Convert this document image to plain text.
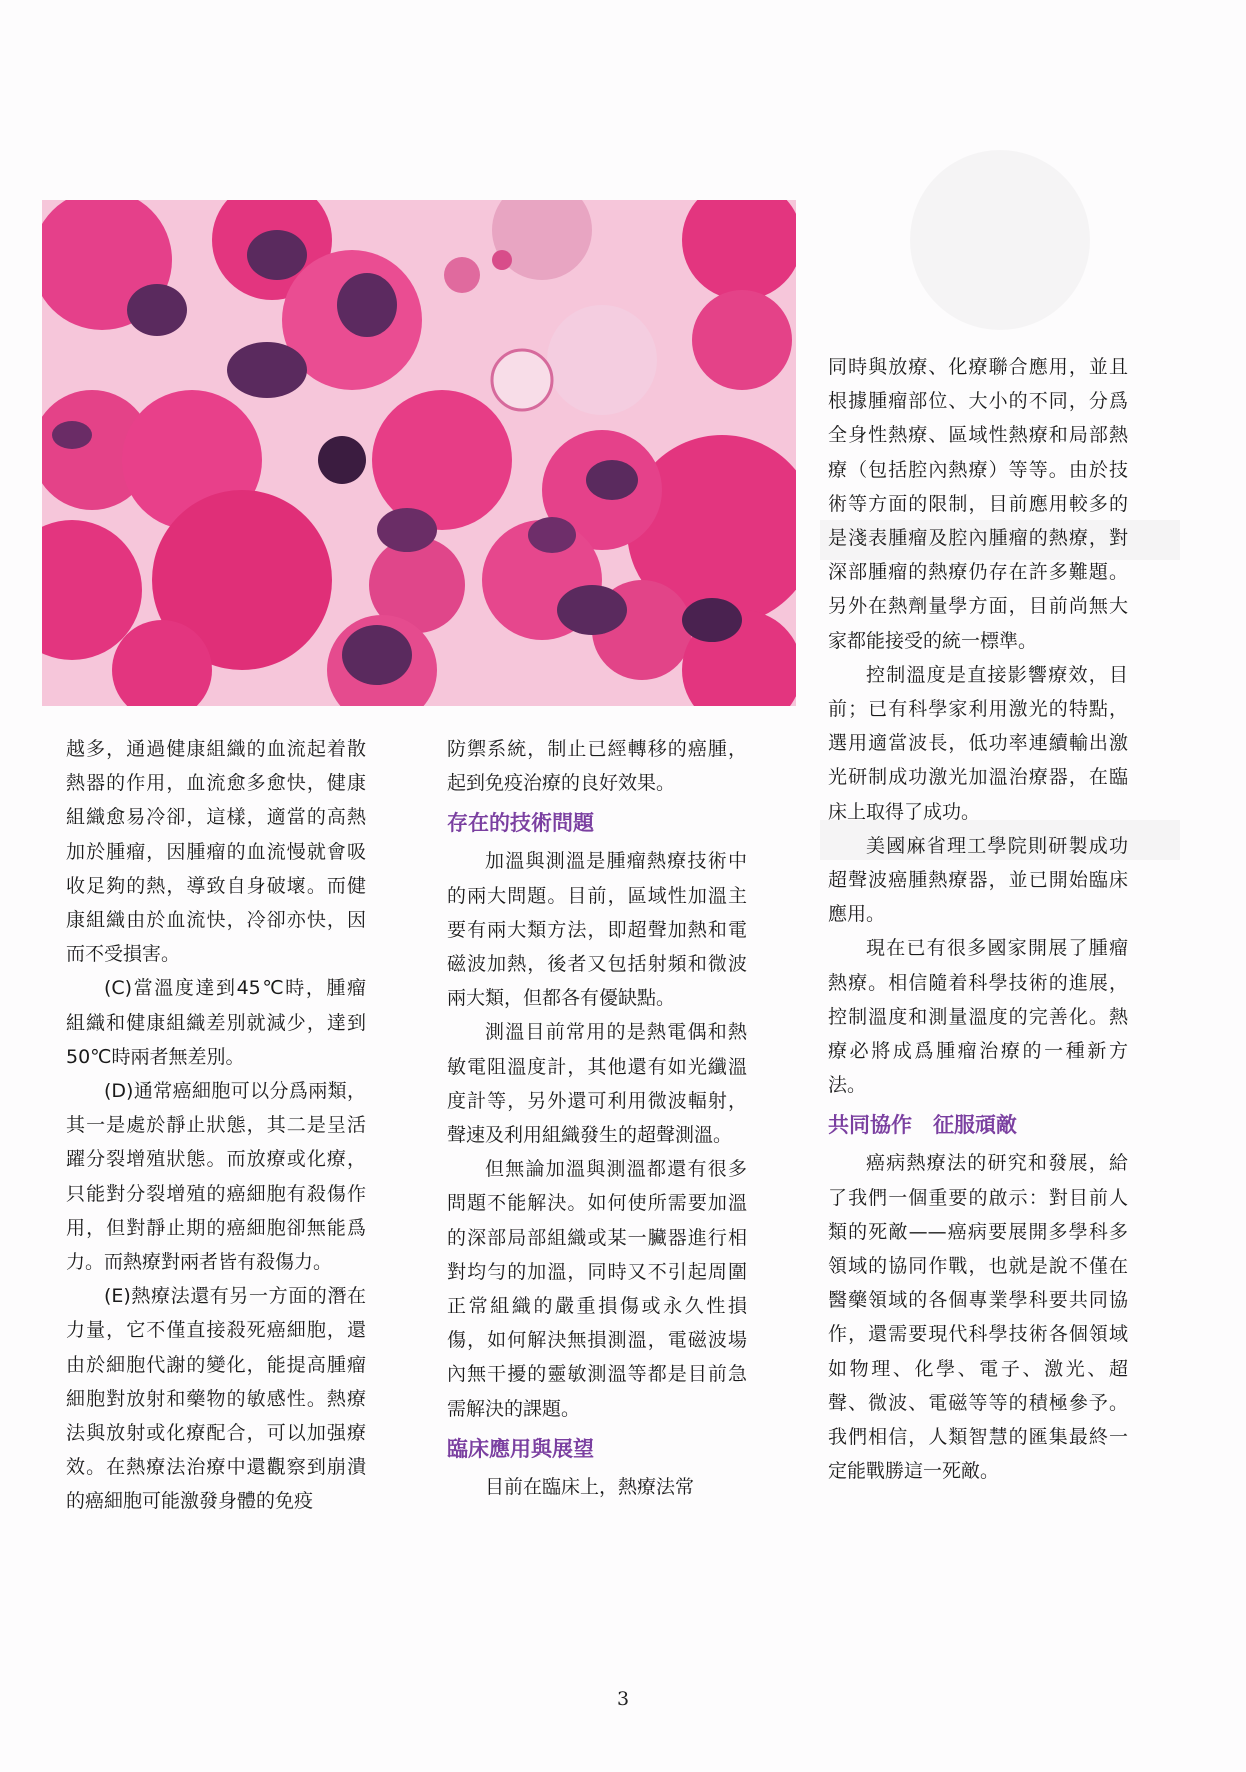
越多，通過健康組織的血流起着散熱器的作用，血流愈多愈快，健康組織愈易冷卻，這樣，適當的高熱加於腫瘤，因腫瘤的血流慢就會吸收足夠的熱，導致自身破壞。而健康組織由於血流快，冷卻亦快，因而不受損害。

(C)當溫度達到45℃時，腫瘤組織和健康組織差別就減少，達到50℃時兩者無差別。

(D)通常癌細胞可以分爲兩類，其一是處於靜止狀態，其二是呈活躍分裂增殖狀態。而放療或化療，只能對分裂增殖的癌細胞有殺傷作用，但對靜止期的癌細胞卻無能爲力。而熱療對兩者皆有殺傷力。

(E)熱療法還有另一方面的潛在力量，它不僅直接殺死癌細胞，還由於細胞代謝的變化，能提高腫瘤細胞對放射和藥物的敏感性。熱療法與放射或化療配合，可以加强療效。在熱療法治療中還觀察到崩潰的癌細胞可能激發身體的免疫

防禦系統，制止已經轉移的癌腫，起到免疫治療的良好效果。

存在的技術問題

加溫與測溫是腫瘤熱療技術中的兩大問題。目前，區域性加溫主要有兩大類方法，即超聲加熱和電磁波加熱，後者又包括射頻和微波兩大類，但都各有優缺點。

測溫目前常用的是熱電偶和熱敏電阻溫度計，其他還有如光纖溫度計等，另外還可利用微波輻射，聲速及利用組織發生的超聲測溫。

但無論加溫與測溫都還有很多問題不能解決。如何使所需要加溫的深部局部組織或某一臟器進行相對均勻的加溫，同時又不引起周圍正常組織的嚴重損傷或永久性損傷，如何解決無損測溫，電磁波場內無干擾的靈敏測溫等都是目前急需解決的課題。

臨床應用與展望

目前在臨床上，熱療法常

同時與放療、化療聯合應用，並且根據腫瘤部位、大小的不同，分爲全身性熱療、區域性熱療和局部熱療（包括腔內熱療）等等。由於技術等方面的限制，目前應用較多的是淺表腫瘤及腔內腫瘤的熱療，對深部腫瘤的熱療仍存在許多難題。另外在熱劑量學方面，目前尚無大家都能接受的統一標準。

控制溫度是直接影響療效，目前；已有科學家利用激光的特點，選用適當波長，低功率連續輸出激光研制成功激光加溫治療器，在臨床上取得了成功。

美國麻省理工學院則研製成功超聲波癌腫熱療器，並已開始臨床應用。

現在已有很多國家開展了腫瘤熱療。相信隨着科學技術的進展，控制溫度和測量溫度的完善化。熱療必將成爲腫瘤治療的一種新方法。

共同協作　征服頑敵

癌病熱療法的研究和發展，給了我們一個重要的啟示：對目前人類的死敵——癌病要展開多學科多領域的協同作戰，也就是說不僅在醫藥領域的各個專業學科要共同協作，還需要現代科學技術各個領域如物理、化學、電子、激光、超聲、微波、電磁等等的積極參予。我們相信，人類智慧的匯集最終一定能戰勝這一死敵。

3
